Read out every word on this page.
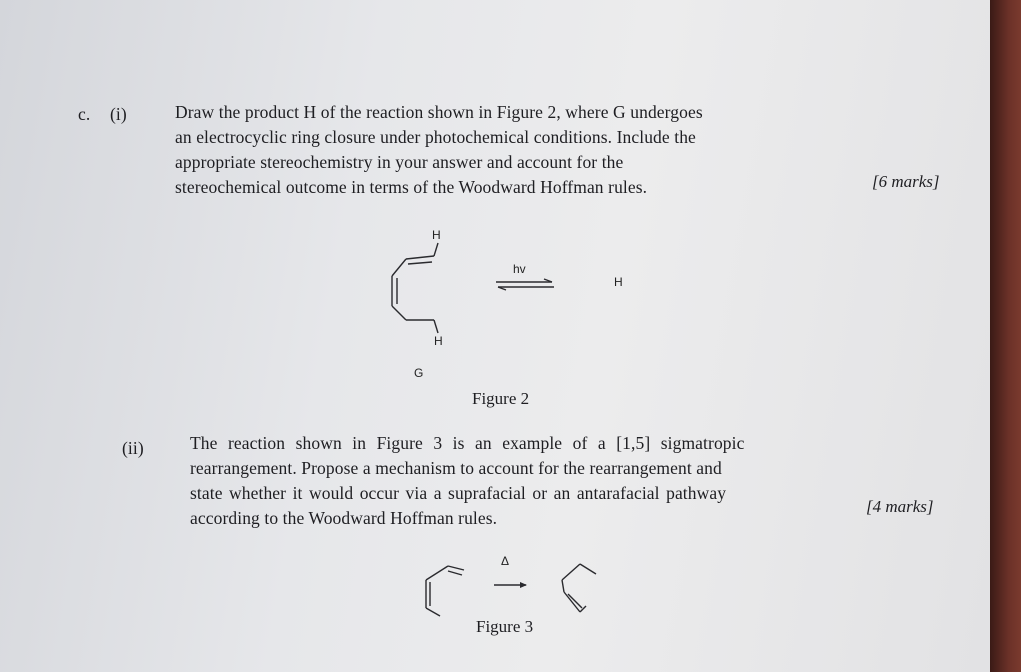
c. (i)	Draw the product H of the reaction shown in Figure 2, where G undergoes
an electrocyclic ring closure under photochemical conditions. Include the
appropriate stereochemistry in your answer and account for the
stereochemical outcome in terms of the Woodward Hoffman rules.	[6 marks]
H
H
G
hv
H
Figure 2
(ii)	The reaction shown in Figure 3 is an example of a [1,5] sigmatropic
rearrangement. Propose a mechanism to account for the rearrangement and
state whether it would occur via a suprafacial or an antarafacial pathway
according to the Woodward Hoffman rules.
[4 marks]
Δ
Figure 3
